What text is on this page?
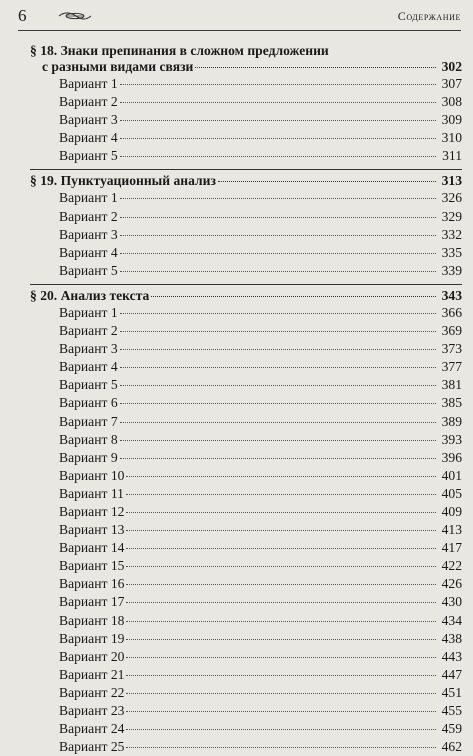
6	Содержание
§ 18. Знаки препинания в сложном предложении
с разными видами связи	302
Вариант 1	307
Вариант 2	308
Вариант 3	309
Вариант 4	310
Вариант 5	311
§ 19. Пунктуационный анализ	313
Вариант 1	326
Вариант 2	329
Вариант 3	332
Вариант 4	335
Вариант 5	339
§ 20. Анализ текста	343
Вариант 1	366
Вариант 2	369
Вариант 3	373
Вариант 4	377
Вариант 5	381
Вариант 6	385
Вариант 7	389
Вариант 8	393
Вариант 9	396
Вариант 10	401
Вариант 11	405
Вариант 12	409
Вариант 13	413
Вариант 14	417
Вариант 15	422
Вариант 16	426
Вариант 17	430
Вариант 18	434
Вариант 19	438
Вариант 20	443
Вариант 21	447
Вариант 22	451
Вариант 23	455
Вариант 24	459
Вариант 25	462
